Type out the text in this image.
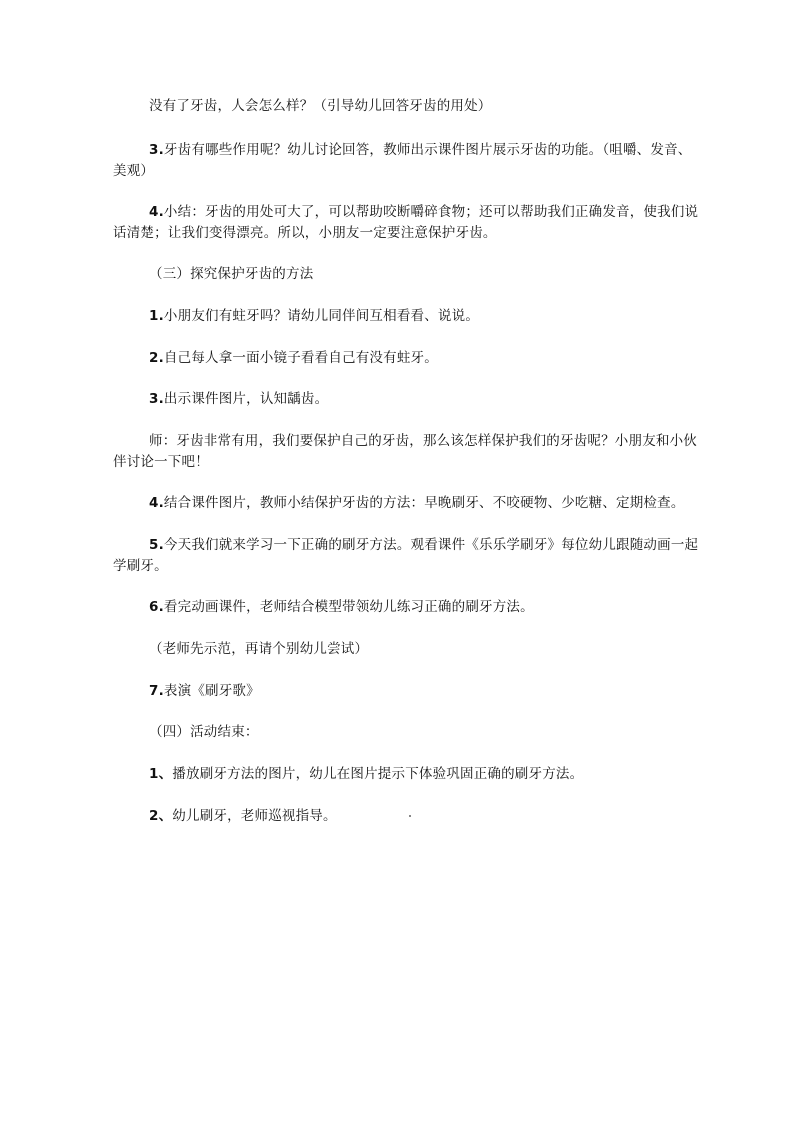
没有了牙齿，人会怎么样？（引导幼儿回答牙齿的用处）

3.牙齿有哪些作用呢？幼儿讨论回答，教师出示课件图片展示牙齿的功能。（咀嚼、发音、美观）

4.小结：牙齿的用处可大了，可以帮助咬断嚼碎食物；还可以帮助我们正确发音，使我们说话清楚；让我们变得漂亮。所以，小朋友一定要注意保护牙齿。

（三）探究保护牙齿的方法

1.小朋友们有蛀牙吗？请幼儿同伴间互相看看、说说。

2.自己每人拿一面小镜子看看自己有没有蛀牙。

3.出示课件图片，认知龋齿。

师：牙齿非常有用，我们要保护自己的牙齿，那么该怎样保护我们的牙齿呢？小朋友和小伙伴讨论一下吧！

4.结合课件图片，教师小结保护牙齿的方法：早晚刷牙、不咬硬物、少吃糖、定期检查。

5.今天我们就来学习一下正确的刷牙方法。观看课件《乐乐学刷牙》每位幼儿跟随动画一起学刷牙。

6.看完动画课件，老师结合模型带领幼儿练习正确的刷牙方法。

（老师先示范，再请个别幼儿尝试）

7.表演《刷牙歌》

（四）活动结束：

1、播放刷牙方法的图片，幼儿在图片提示下体验巩固正确的刷牙方法。

2、幼儿刷牙，老师巡视指导。
